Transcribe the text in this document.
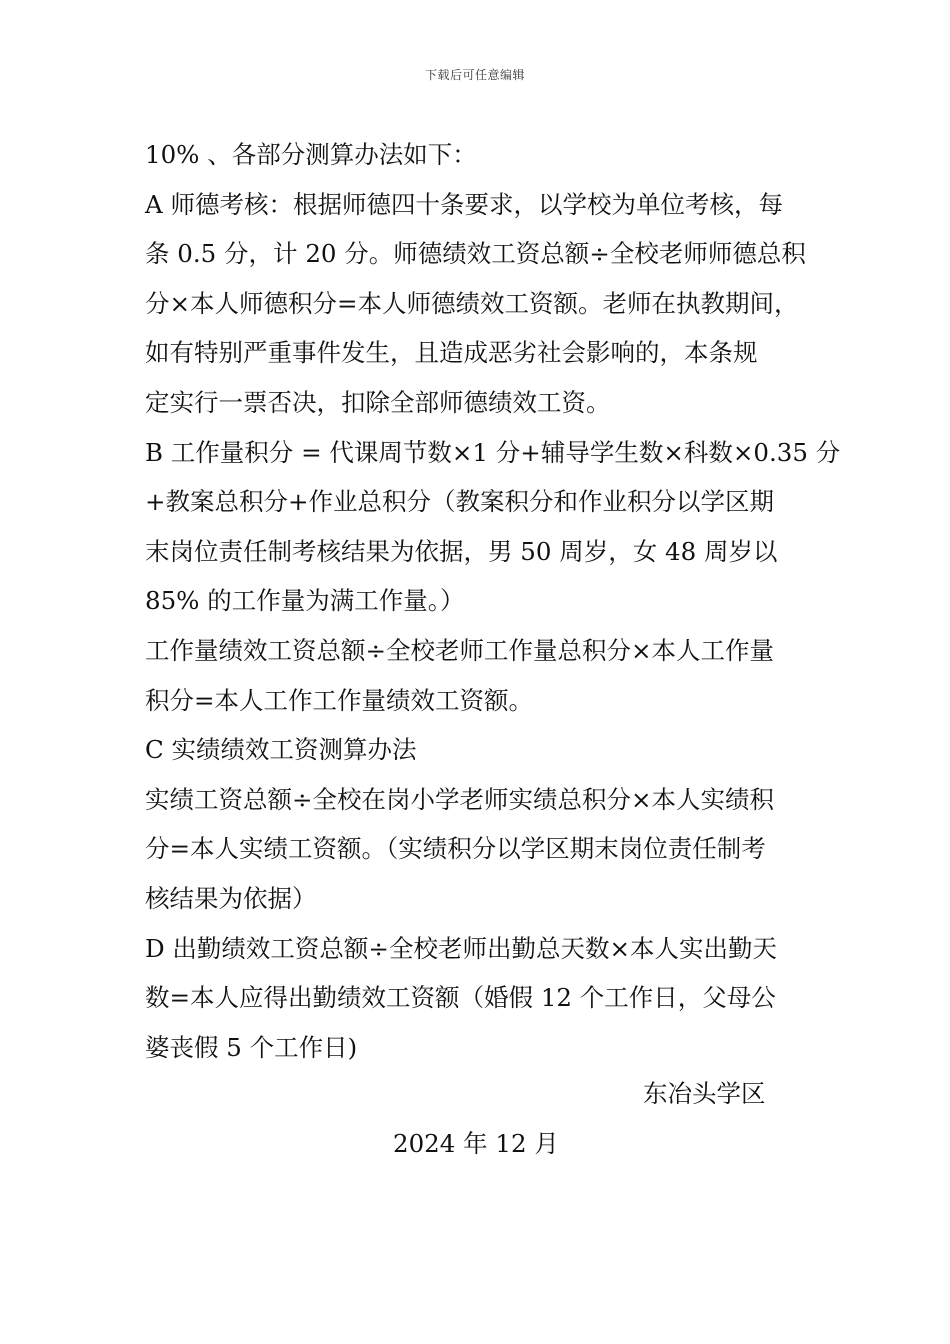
下载后可任意编辑
10% 、各部分测算办法如下：
A 师德考核：根据师德四十条要求，以学校为单位考核，每
条 0.5 分，计 20 分。师德绩效工资总额÷全校老师师德总积
分×本人师德积分=本人师德绩效工资额。老师在执教期间，
如有特别严重事件发生，且造成恶劣社会影响的，本条规
定实行一票否决，扣除全部师德绩效工资。
B 工作量积分 = 代课周节数×1 分+辅导学生数×科数×0.35 分
+教案总积分+作业总积分（教案积分和作业积分以学区期
末岗位责任制考核结果为依据，男 50 周岁，女 48 周岁以
85% 的工作量为满工作量。）
工作量绩效工资总额÷全校老师工作量总积分×本人工作量
积分=本人工作工作量绩效工资额。
C 实绩绩效工资测算办法
实绩工资总额÷全校在岗小学老师实绩总积分×本人实绩积
分=本人实绩工资额。（实绩积分以学区期末岗位责任制考
核结果为依据）
D 出勤绩效工资总额÷全校老师出勤总天数×本人实出勤天
数=本人应得出勤绩效工资额（婚假 12 个工作日，父母公
婆丧假 5 个工作日)
东冶头学区
2024 年 12 月
